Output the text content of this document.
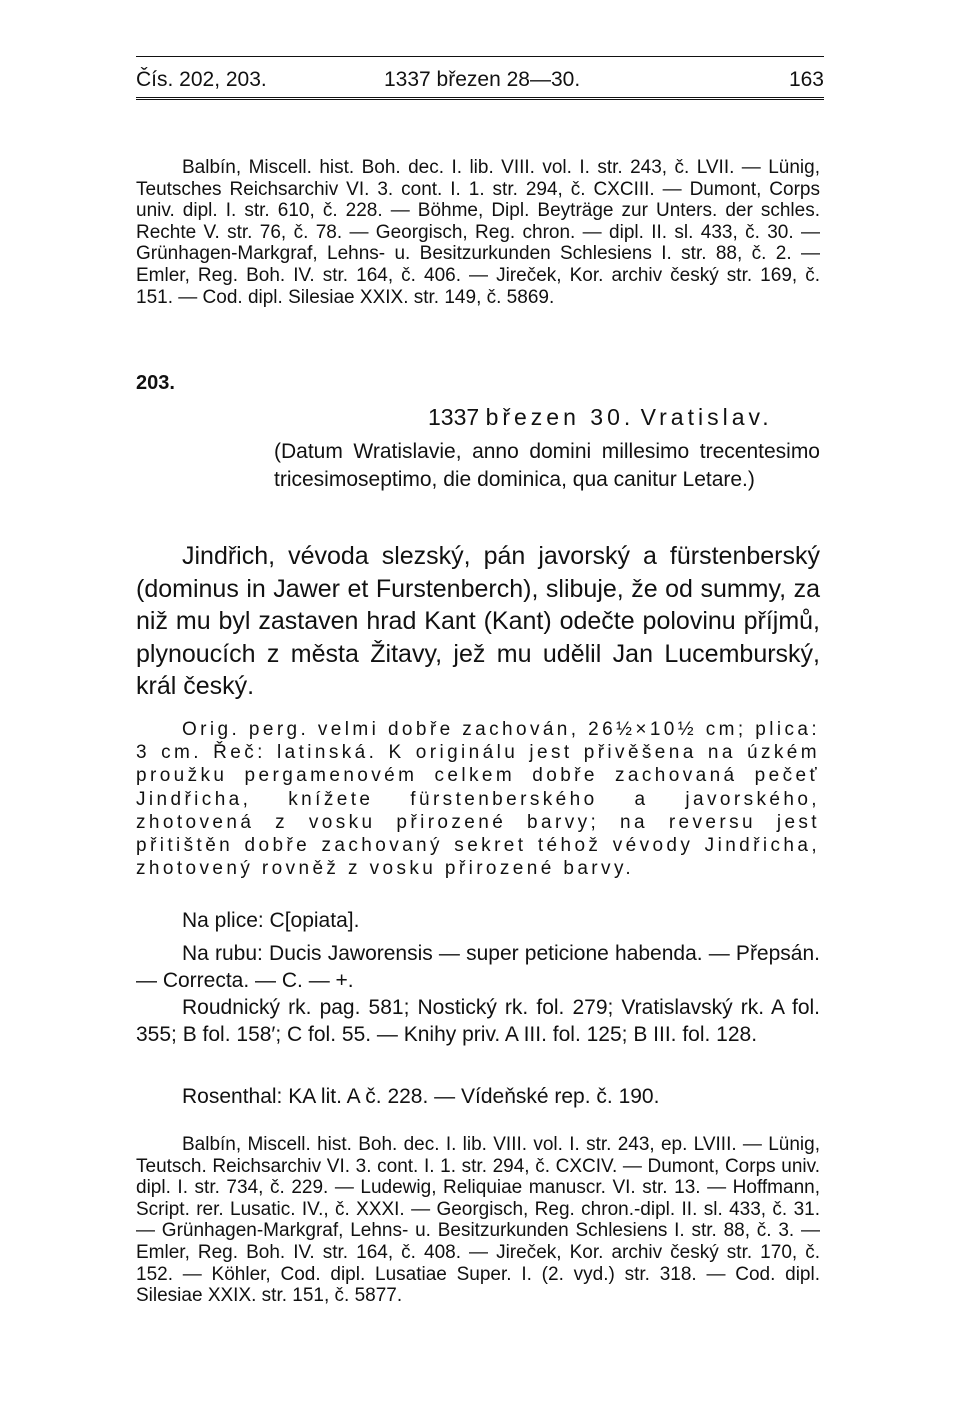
Čís. 202, 203.	1337 březen 28—30.	163

Balbín, Miscell. hist. Boh. dec. I. lib. VIII. vol. I. str. 243, č. LVII. — Lünig, Teutsches Reichsarchiv VI. 3. cont. I. 1. str. 294, č. CXCIII. — Dumont, Corps univ. dipl. I. str. 610, č. 228. — Böhme, Dipl. Beyträge zur Unters. der schles. Rechte V. str. 76, č. 78. — Georgisch, Reg. chron. — dipl. II. sl. 433, č. 30. — Grünhagen-Markgraf, Lehns- u. Besitzurkunden Schlesiens I. str. 88, č. 2. — Emler, Reg. Boh. IV. str. 164, č. 406. — Jireček, Kor. archiv český str. 169, č. 151. — Cod. dipl. Silesiae XXIX. str. 149, č. 5869.

203.

1337 březen 30. Vratislav.

(Datum Wratislavie, anno domini millesimo trecentesimo tricesimoseptimo, die dominica, qua canitur Letare.)

Jindřich, vévoda slezský, pán javorský a fürstenberský (dominus in Jawer et Furstenberch), slibuje, že od summy, za niž mu byl zastaven hrad Kant (Kant) odečte polovinu příjmů, plynoucích z města Žitavy, jež mu udělil Jan Lucemburský, král český.

Orig. perg. velmi dobře zachován, 26½×10½ cm; plica: 3 cm. Řeč: latinská. K originálu jest přivěšena na úzkém proužku pergamenovém celkem dobře zachovaná pečeť Jindřicha, knížete fürstenberského a javorského, zhotovená z vosku přirozené barvy; na reversu jest přitištěn dobře zachovaný sekret téhož vévody Jindřicha, zhotovený rovněž z vosku přirozené barvy.

Na plice: C[opiata].

Na rubu: Ducis Jaworensis — super peticione habenda. — Přepsán. — Correcta. — C. — +.

Roudnický rk. pag. 581; Nostický rk. fol. 279; Vratislavský rk. A fol. 355; B fol. 158′; C fol. 55. — Knihy priv. A III. fol. 125; B III. fol. 128.

Rosenthal: KA lit. A č. 228. — Vídeňské rep. č. 190.

Balbín, Miscell. hist. Boh. dec. I. lib. VIII. vol. I. str. 243, ep. LVIII. — Lünig, Teutsch. Reichsarchiv VI. 3. cont. I. 1. str. 294, č. CXCIV. — Dumont, Corps univ. dipl. I. str. 734, č. 229. — Ludewig, Reliquiae manuscr. VI. str. 13. — Hoffmann, Script. rer. Lusatic. IV., č. XXXI. — Georgisch, Reg. chron.-dipl. II. sl. 433, č. 31. — Grünhagen-Markgraf, Lehns- u. Besitzurkunden Schlesiens I. str. 88, č. 3. — Emler, Reg. Boh. IV. str. 164, č. 408. — Jireček, Kor. archiv český str. 170, č. 152. — Köhler, Cod. dipl. Lusatiae Super. I. (2. vyd.) str. 318. — Cod. dipl. Silesiae XXIX. str. 151, č. 5877.
